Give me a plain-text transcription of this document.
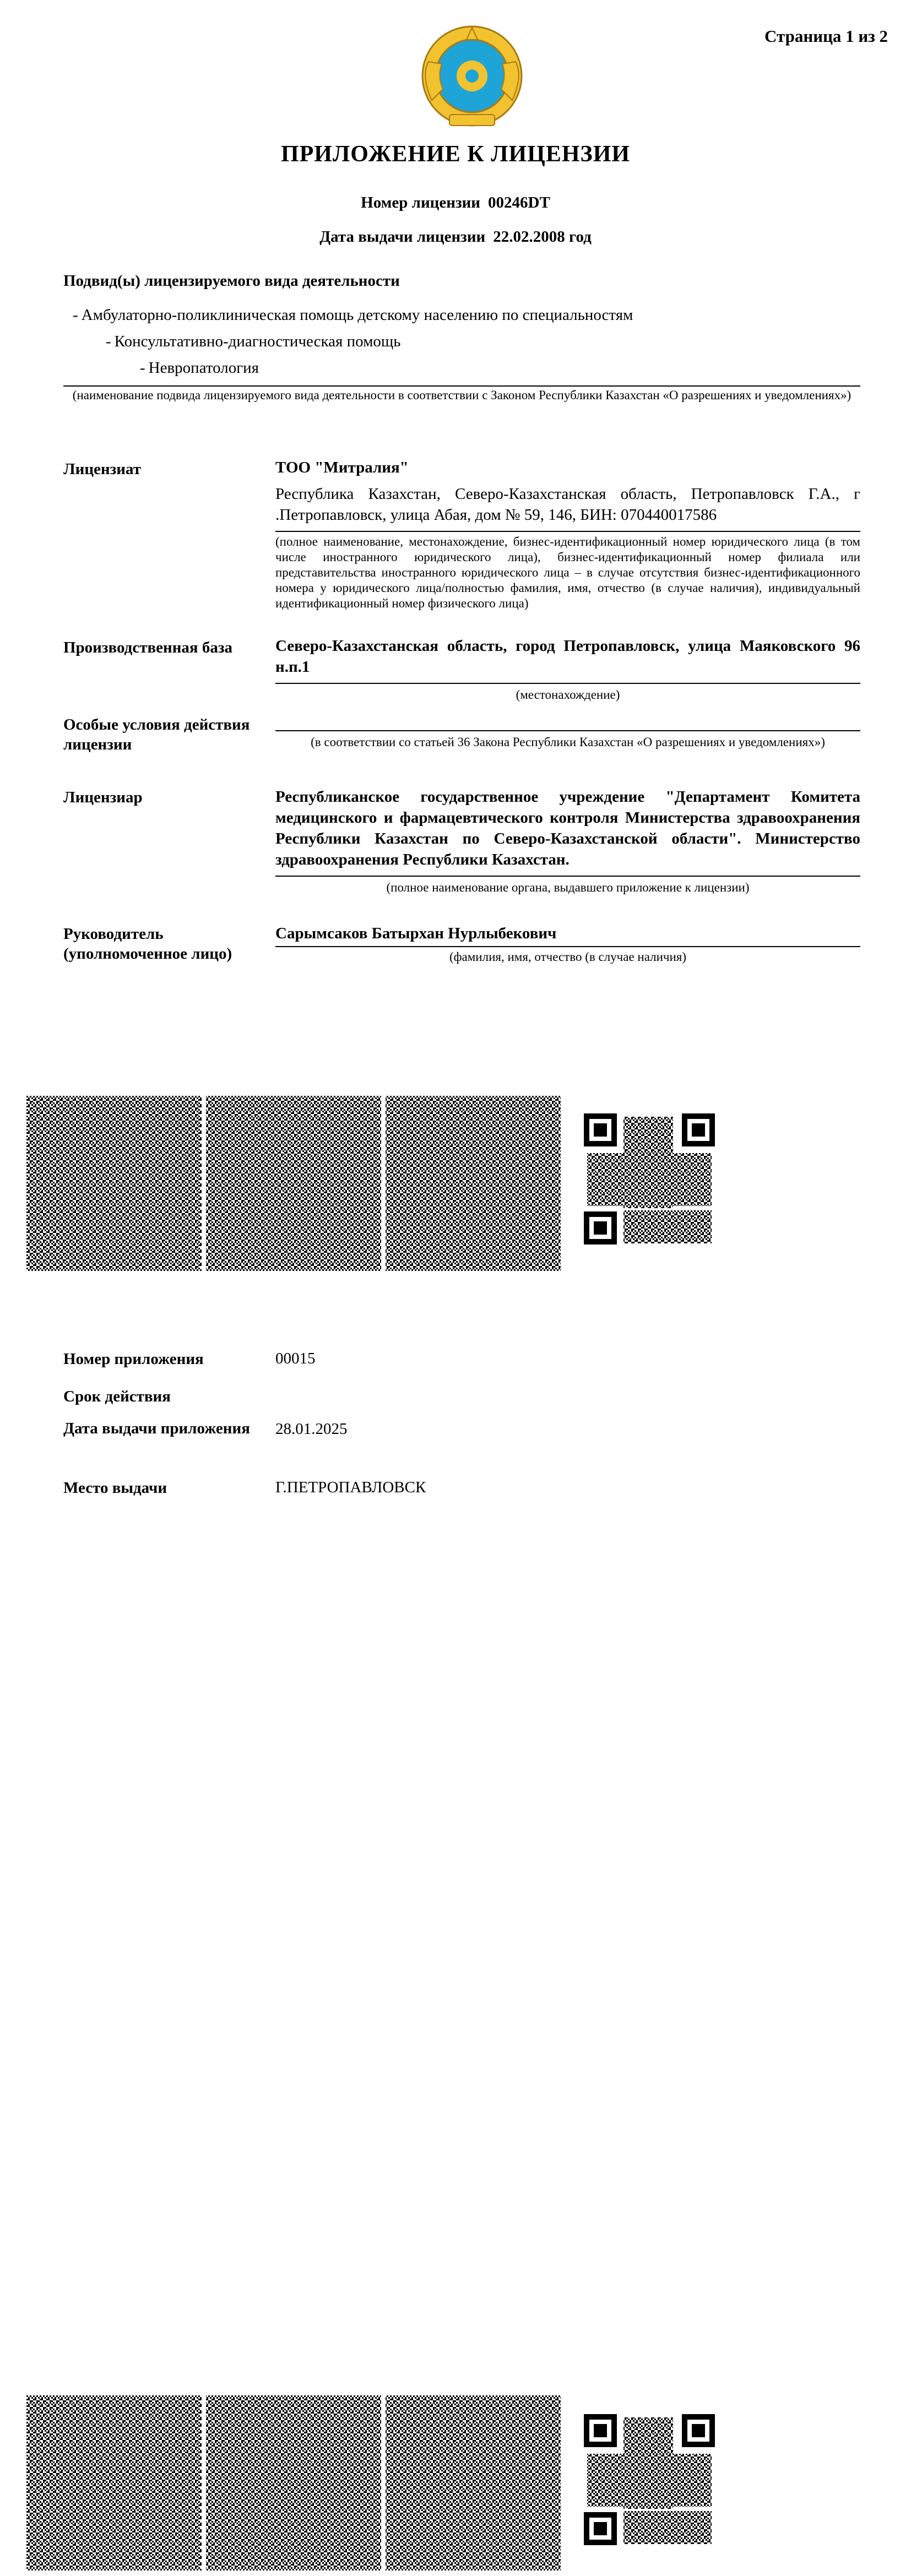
Страница 1 из 2
ПРИЛОЖЕНИЕ К ЛИЦЕНЗИИ
Номер лицензии 00246DT
Дата выдачи лицензии 22.02.2008 год
Подвид(ы) лицензируемого вида деятельности
- Амбулаторно-поликлиническая помощь детскому населению по специальностям
- Консультативно-диагностическая помощь
- Невропатология
(наименование подвида лицензируемого вида деятельности в соответствии с Законом Республики Казахстан «О разрешениях и уведомлениях»)
Лицензиат	ТОО "Митралия"
Республика Казахстан, Северо-Казахстанская область, Петропавловск Г.А., г .Петропавловск, улица Абая, дом № 59, 146, БИН: 070440017586
(полное наименование, местонахождение, бизнес-идентификационный номер юридического лица (в том числе иностранного юридического лица), бизнес-идентификационный номер филиала или представительства иностранного юридического лица – в случае отсутствия бизнес-идентификационного номера у юридического лица/полностью фамилия, имя, отчество (в случае наличия), индивидуальный идентификационный номер физического лица)
Производственная база	Северо-Казахстанская область, город Петропавловск, улица Маяковского 96 н.п.1
(местонахождение)
Особые условия действия лицензии	(в соответствии со статьей 36 Закона Республики Казахстан «О разрешениях и уведомлениях»)
Лицензиар	Республиканское государственное учреждение "Департамент Комитета медицинского и фармацевтического контроля Министерства здравоохранения Республики Казахстан по Северо-Казахстанской области". Министерство здравоохранения Республики Казахстан.
(полное наименование органа, выдавшего приложение к лицензии)
Руководитель (уполномоченное лицо)
Сарымсаков Батырхан Нурлыбекович
(фамилия, имя, отчество (в случае наличия)
Номер приложения	00015
Срок действия
Дата выдачи приложения	28.01.2025
Место выдачи	Г.ПЕТРОПАВЛОВСК
